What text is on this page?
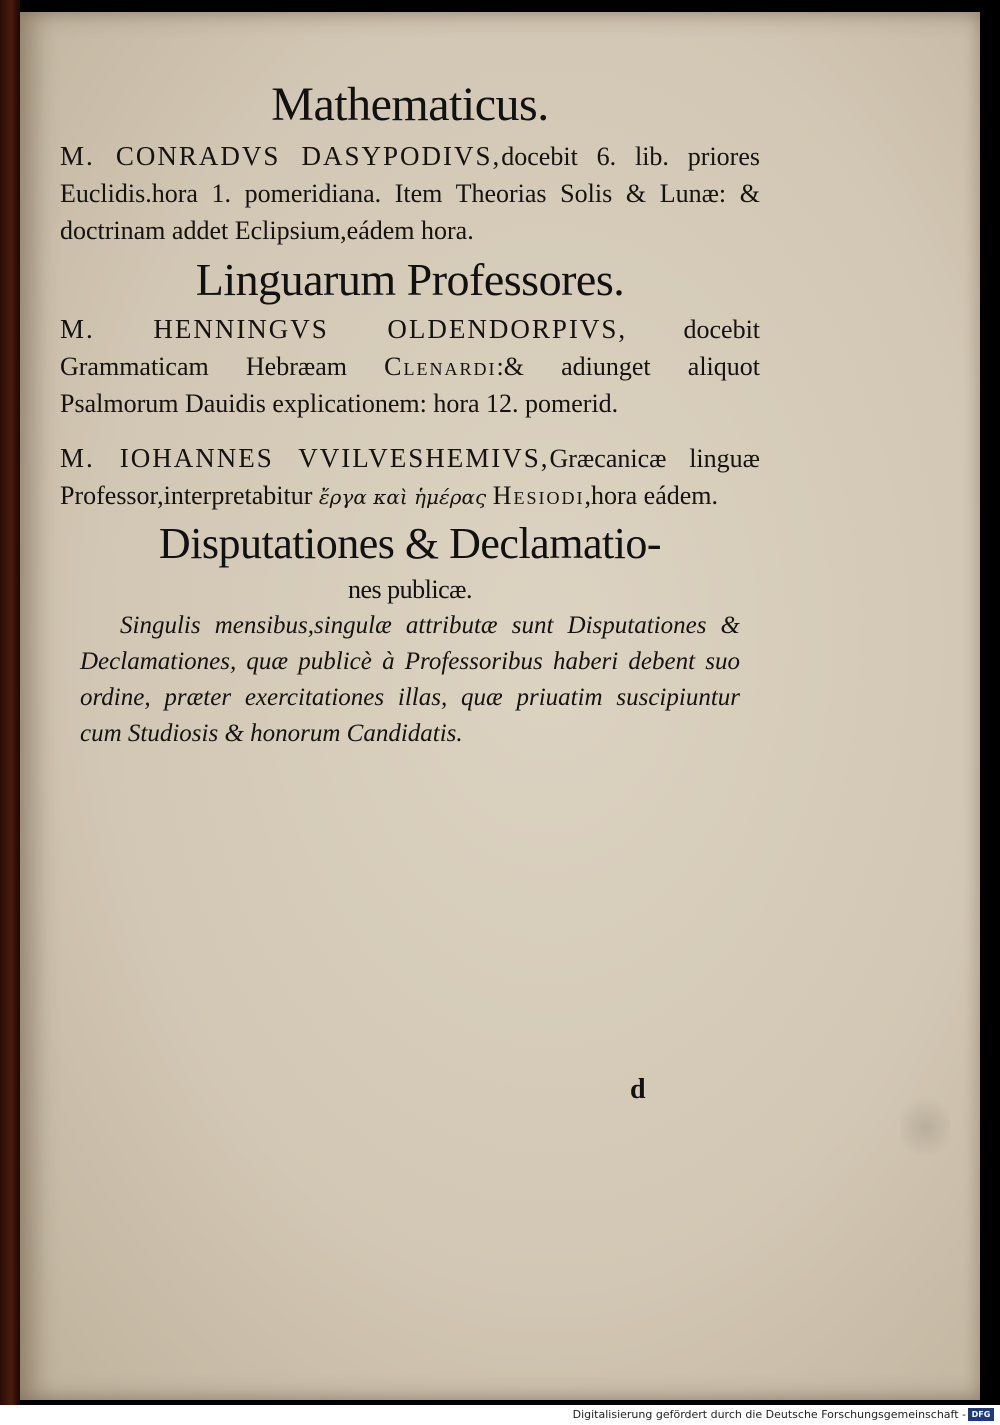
Mathematicus.

M. CONRADVS DASYPODIVS,docebit 6. lib. priores Euclidis.hora 1. pomeridiana. Item Theorias Solis & Lunæ: & doctrinam addet Eclipsium,eádem hora.

Linguarum Professores.

M. HENNINGVS OLDENDORPIVS, docebit Grammaticam Hebræam Clenardi:& adiunget aliquot Psalmorum Dauidis explicationem: hora 12. pomerid.

M. IOHANNES VVILVESHEMIVS,Græcanicæ linguæ Professor,interpretabitur ἔργα καὶ ἡμέρας Hesiodi,hora eádem.

Disputationes & Declamatio-
nes publicæ.

Singulis mensibus,singulæ attributæ sunt Disputationes & Declamationes, quæ publicè à Professoribus haberi debent suo ordine, præter exercitationes illas, quæ priuatim suscipiuntur cum Studiosis & honorum Candidatis.

d
Digitalisierung gefördert durch die Deutsche Forschungsgemeinschaft - DFG
